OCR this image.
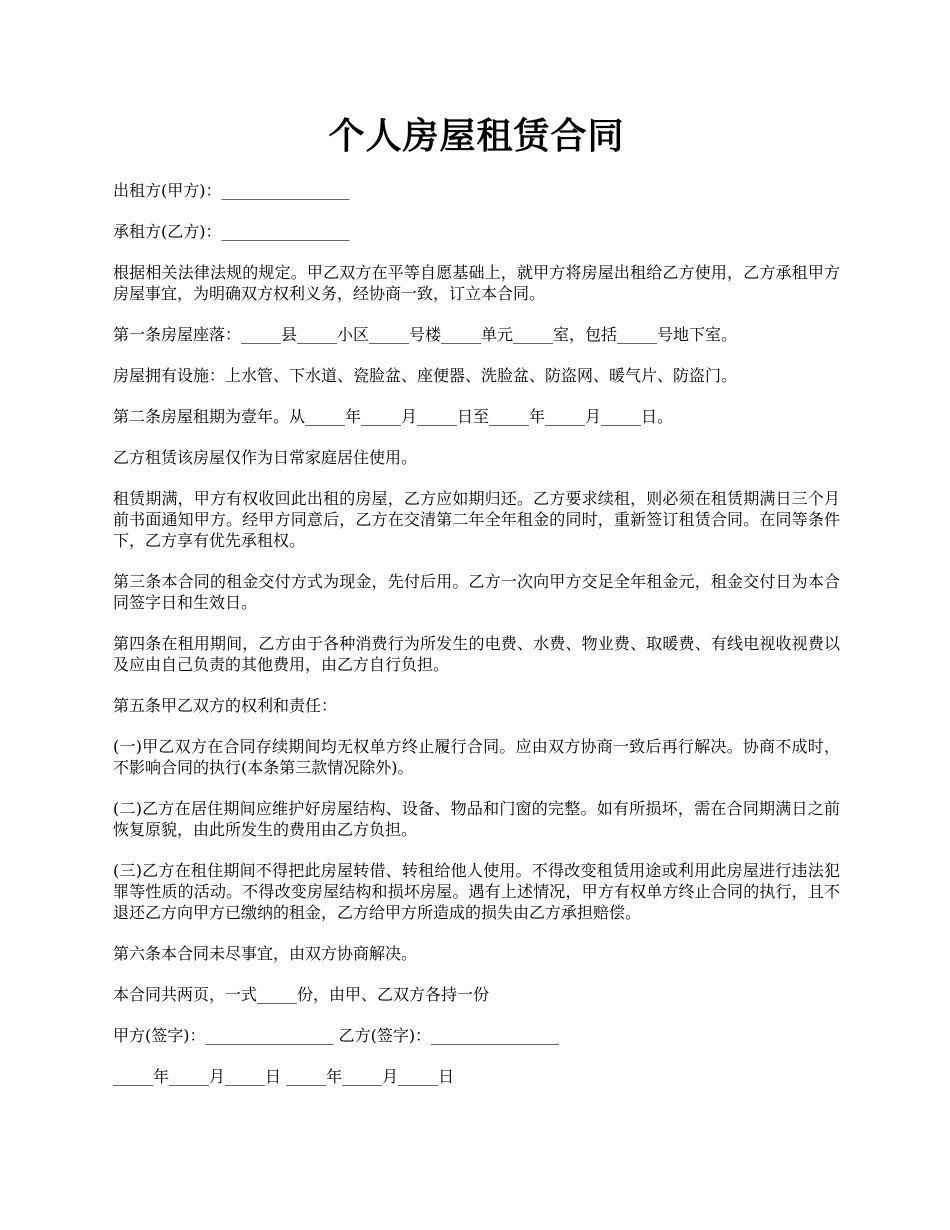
个人房屋租赁合同

出租方(甲方)：________________

承租方(乙方)：________________

根据相关法律法规的规定。甲乙双方在平等自愿基础上，就甲方将房屋出租给乙方使用，乙方承租甲方房屋事宜，为明确双方权利义务，经协商一致，订立本合同。

第一条房屋座落：_____县_____小区_____号楼_____单元_____室，包括_____号地下室。

房屋拥有设施：上水管、下水道、瓷脸盆、座便器、洗脸盆、防盗网、暖气片、防盗门。

第二条房屋租期为壹年。从_____年_____月_____日至_____年_____月_____日。

乙方租赁该房屋仅作为日常家庭居住使用。

租赁期满，甲方有权收回此出租的房屋，乙方应如期归还。乙方要求续租，则必须在租赁期满日三个月前书面通知甲方。经甲方同意后，乙方在交清第二年全年租金的同时，重新签订租赁合同。在同等条件下，乙方享有优先承租权。

第三条本合同的租金交付方式为现金，先付后用。乙方一次向甲方交足全年租金元，租金交付日为本合同签字日和生效日。

第四条在租用期间，乙方由于各种消费行为所发生的电费、水费、物业费、取暖费、有线电视收视费以及应由自己负责的其他费用，由乙方自行负担。

第五条甲乙双方的权利和责任：

(一)甲乙双方在合同存续期间均无权单方终止履行合同。应由双方协商一致后再行解决。协商不成时，不影响合同的执行(本条第三款情况除外)。

(二)乙方在居住期间应维护好房屋结构、设备、物品和门窗的完整。如有所损坏，需在合同期满日之前恢复原貌，由此所发生的费用由乙方负担。

(三)乙方在租住期间不得把此房屋转借、转租给他人使用。不得改变租赁用途或利用此房屋进行违法犯罪等性质的活动。不得改变房屋结构和损坏房屋。遇有上述情况，甲方有权单方终止合同的执行，且不退还乙方向甲方已缴纳的租金，乙方给甲方所造成的损失由乙方承担赔偿。

第六条本合同未尽事宜，由双方协商解决。

本合同共两页，一式_____份，由甲、乙双方各持一份

甲方(签字)：________________ 乙方(签字)：________________

_____年_____月_____日 _____年_____月_____日
